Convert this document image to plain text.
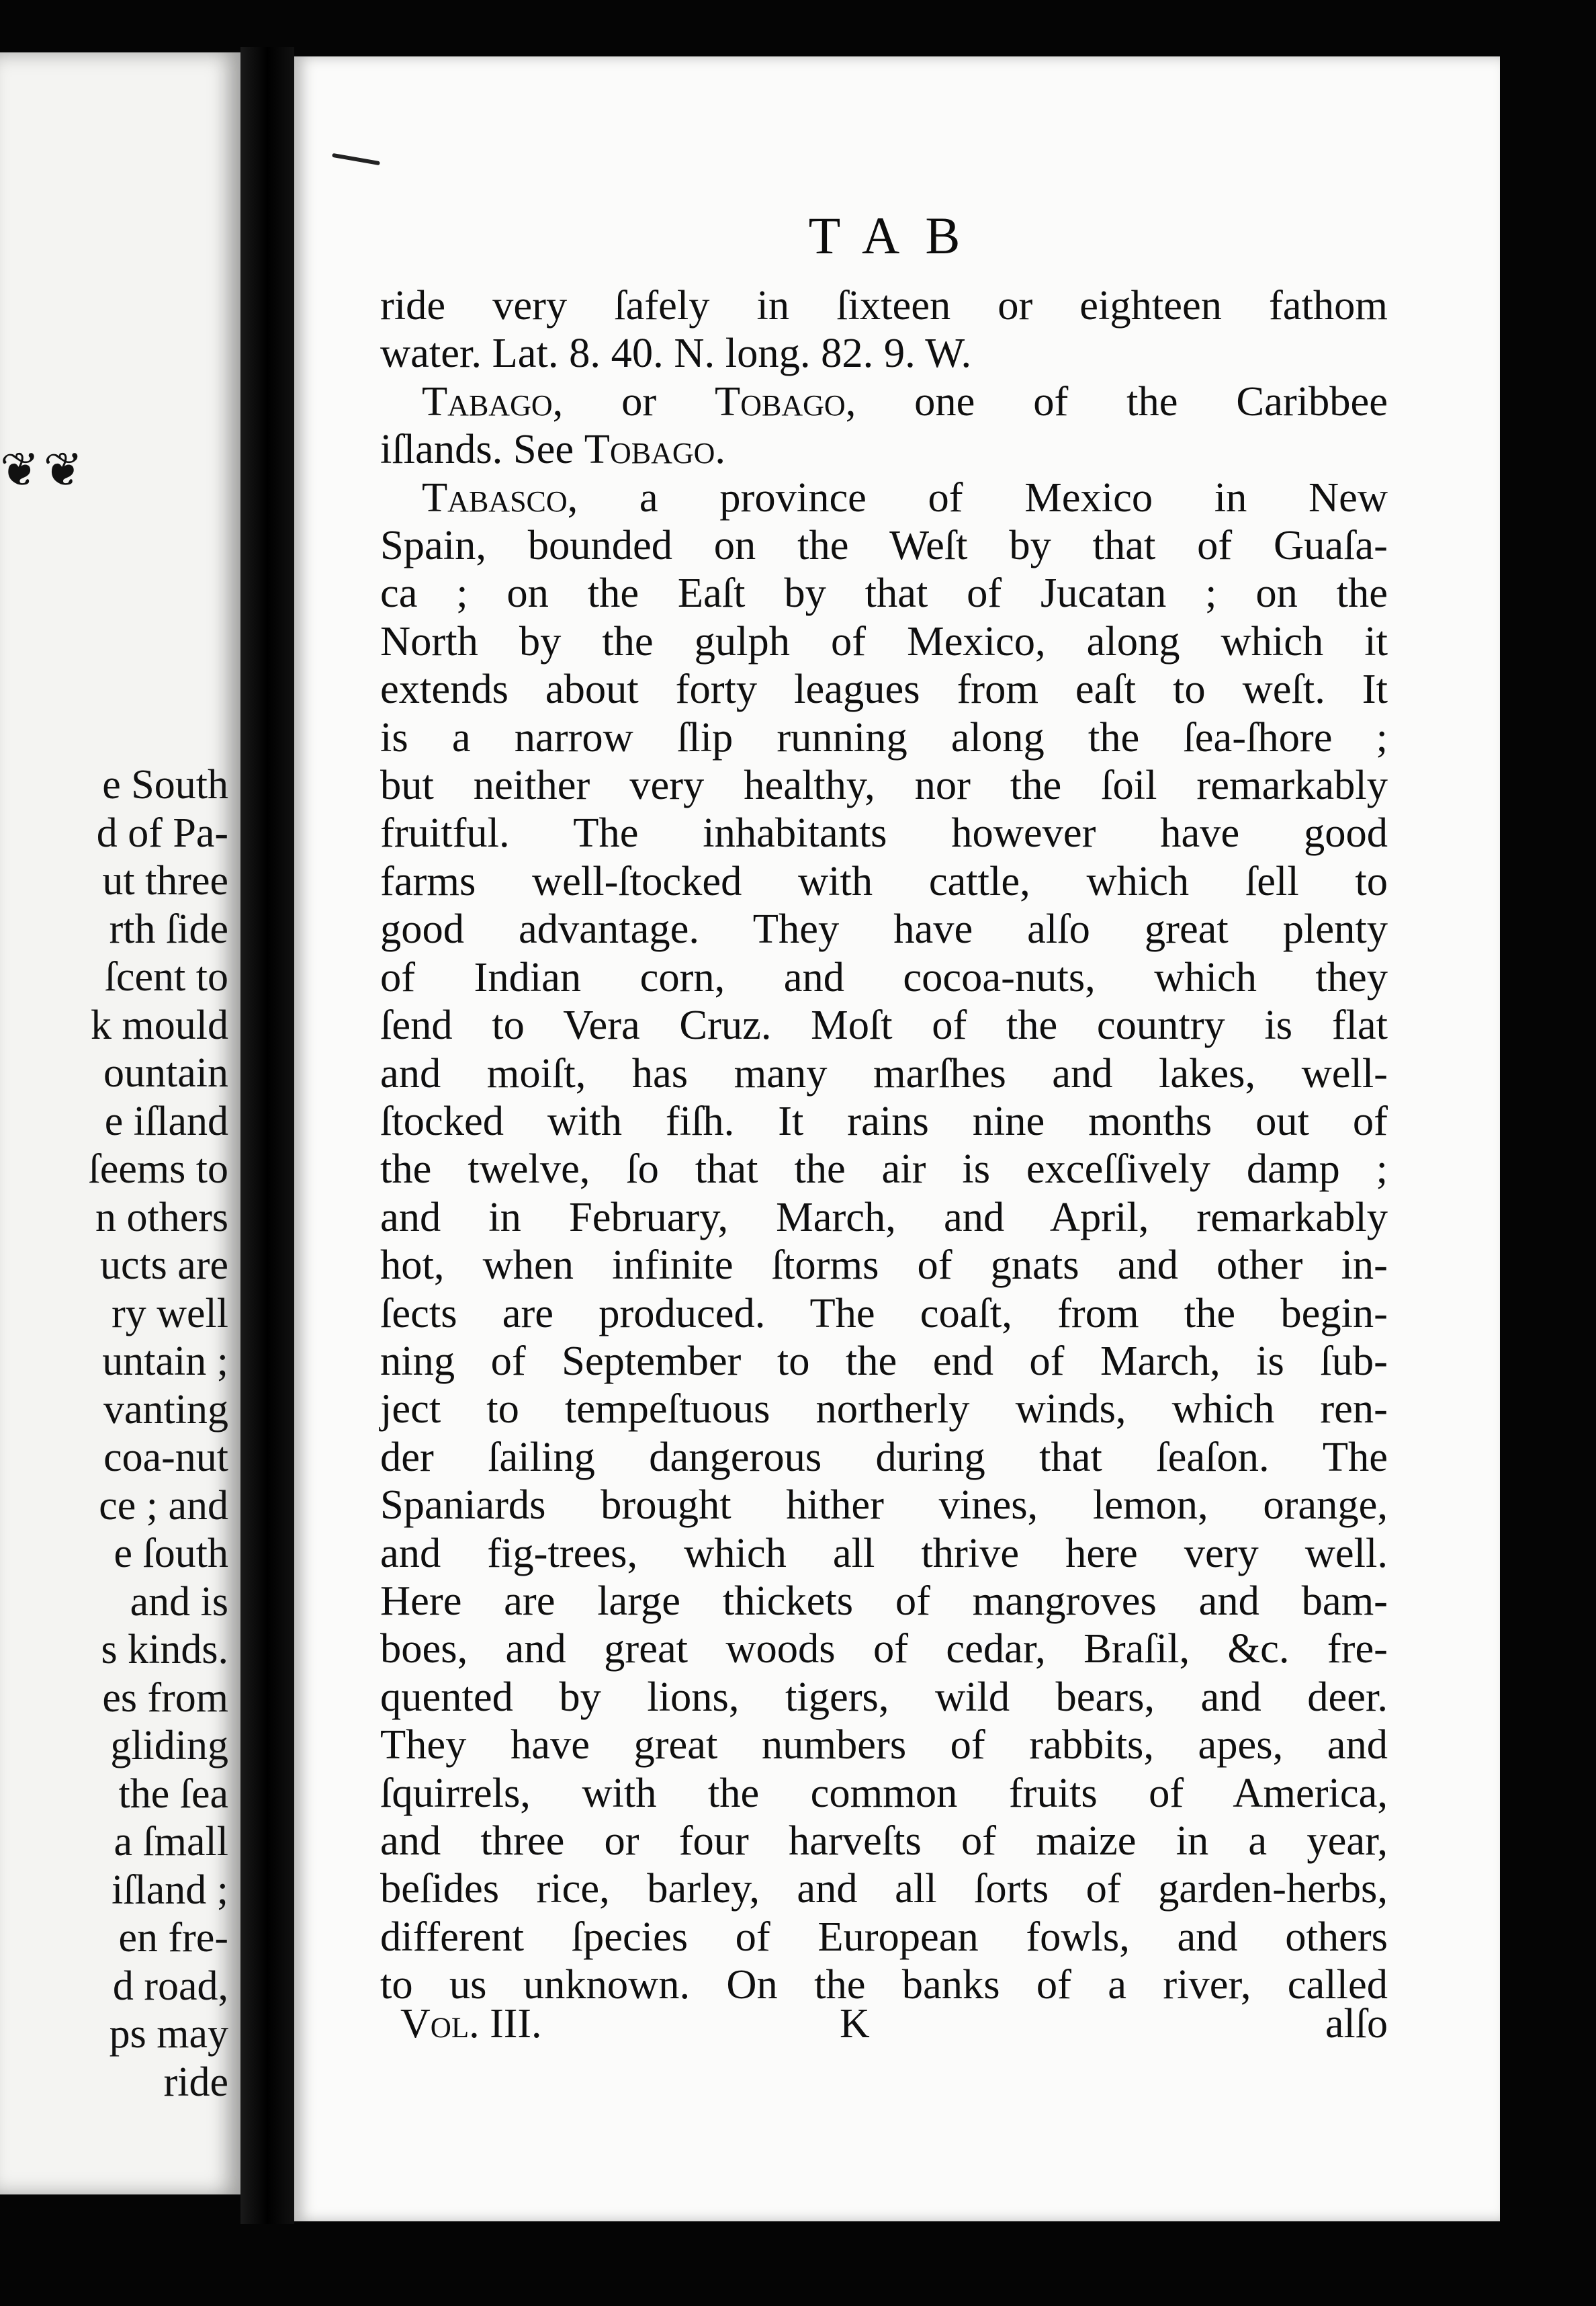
❦❦
e South
d of Pa-
ut three
rth ſide
ſcent to
k mould
ountain
e iſland
ſeems to
n others
ucts are
ry well
untain ;
vanting
coa-nut
ce ; and
e ſouth
and is
s kinds.
es from
gliding
the ſea
a ſmall
iſland ;
en fre-
d road,
ps may
ride
TAB
ride very ſafely in ſixteen or eighteen fathom
water. Lat. 8. 40. N. long. 82. 9. W.
Tabago, or Tobago, one of the Caribbee
iſlands. See Tobago.
Tabasco, a province of Mexico in New
Spain, bounded on the Weſt by that of Guaſa-
ca ; on the Eaſt by that of Jucatan ; on the
North by the gulph of Mexico, along which it
extends about forty leagues from eaſt to weſt. It
is a narrow ſlip running along the ſea-ſhore ;
but neither very healthy, nor the ſoil remarkably
fruitful. The inhabitants however have good
farms well-ſtocked with cattle, which ſell to
good advantage. They have alſo great plenty
of Indian corn, and cocoa-nuts, which they
ſend to Vera Cruz. Moſt of the country is flat
and moiſt, has many marſhes and lakes, well-
ſtocked with fiſh. It rains nine months out of
the twelve, ſo that the air is exceſſively damp ;
and in February, March, and April, remarkably
hot, when infinite ſtorms of gnats and other in-
ſects are produced. The coaſt, from the begin-
ning of September to the end of March, is ſub-
ject to tempeſtuous northerly winds, which ren-
der ſailing dangerous during that ſeaſon. The
Spaniards brought hither vines, lemon, orange,
and fig-trees, which all thrive here very well.
Here are large thickets of mangroves and bam-
boes, and great woods of cedar, Braſil, &c. fre-
quented by lions, tigers, wild bears, and deer.
They have great numbers of rabbits, apes, and
ſquirrels, with the common fruits of America,
and three or four harveſts of maize in a year,
beſides rice, barley, and all ſorts of garden-herbs,
different ſpecies of European fowls, and others
to us unknown. On the banks of a river, called
Vol. III.	K	alſo
